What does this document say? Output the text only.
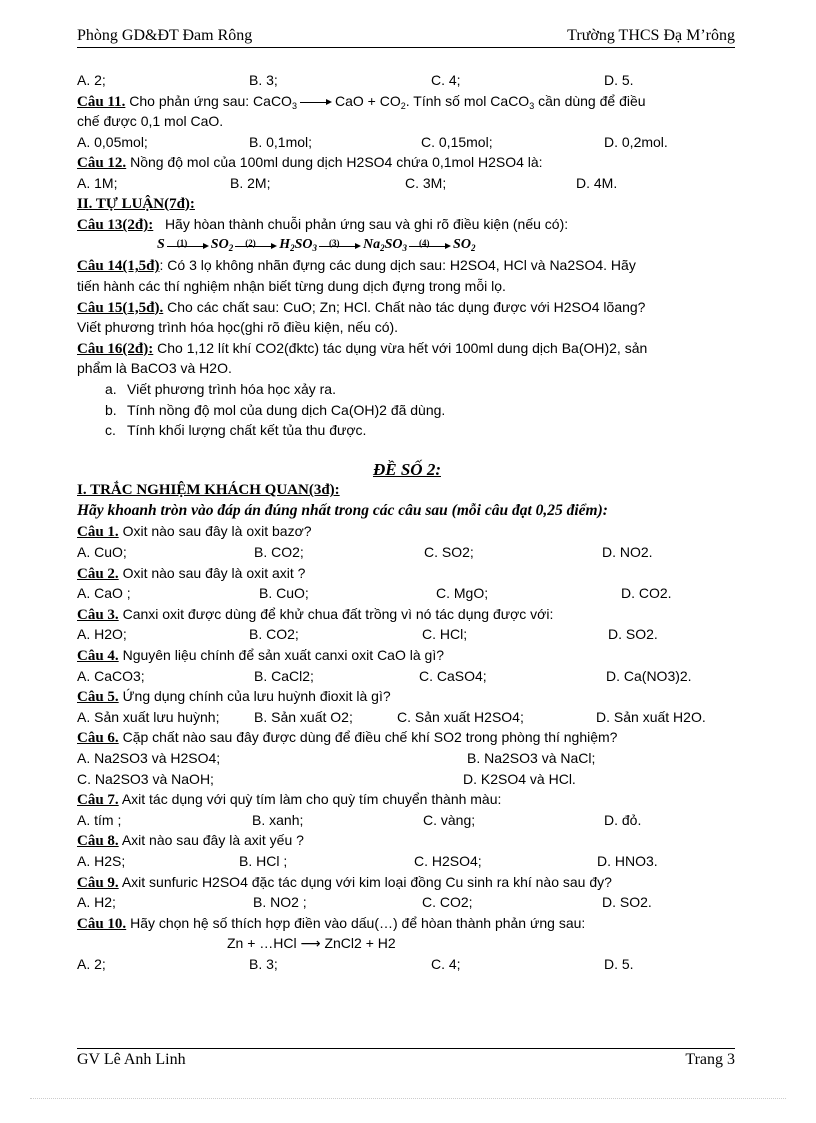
Phòng GD&ĐT Đam Rông	Trường THCS Đạ M’rông
A. 2;	B. 3;	C. 4;	D. 5.
Câu 11. Cho phản ứng sau: CaCO$_3$	CaO + $CO_2$. Tính số mol CaCO$_3$ cần dùng để điều
chế được 0,1 mol CaO.
A. 0,05mol;	B. 0,1mol;	C. 0,15mol;	D. 0,2mol.
Câu 12. Nồng độ mol của 100ml dung dịch H2SO4 chứa 0,1mol H2SO4 là:
A. 1M;	B. 2M;	C. 3M;	D. 4M.
II. TỰ LUẬN(7đ):
Câu 13(2đ): Hãy hòan thành chuỗi phản ứng sau và ghi rõ điều kiện (nếu có):
S (1) $SO_2$
(2) $H_2SO_3$
(3) $Na_2SO_3$
(4) $SO_2$
Câu 14(1,5đ): Có 3 lọ không nhãn đựng các dung dịch sau: H2SO4, HCl và Na2SO4. Hãy
tiến hành các thí nghiệm nhận biết từng dung dịch đựng trong mỗi lọ.
Câu 15(1,5đ). Cho các chất sau: CuO; Zn; HCl. Chất nào tác dụng được với H2SO4 lõang?
Viết phương trình hóa học(ghi rõ điều kiện, nếu có).
Câu 16(2đ): Cho 1,12 lít khí CO2(đktc) tác dụng vừa hết với 100ml dung dịch Ba(OH)2, sản
phẩm là BaCO3 và H2O.
a. Viết phương trình hóa học xảy ra.
b. Tính nồng độ mol của dung dịch Ca(OH)2 đã dùng.
c. Tính khối lượng chất kết tủa thu được.
ĐỀ SỐ 2:
I. TRẮC NGHIỆM KHÁCH QUAN(3đ):
Hãy khoanh tròn vào đáp án đúng nhất trong các câu sau (mỗi câu đạt 0,25 điểm):
Câu 1. Oxit nào sau đây là oxit bazơ?
A. CuO;	B. CO2;	C. SO2;	D. NO2.
Câu 2. Oxit nào sau đây là oxit axit ?
A. CaO ;	B. CuO;	C. MgO;	D. CO2.
Câu 3. Canxi oxit được dùng để khử chua đất trồng vì nó tác dụng được với:
A. H2O;	B. CO2;	C. HCl;	D. SO2.
Câu 4. Nguyên liệu chính để sản xuất canxi oxit CaO là gì?
A. CaCO3;	B. CaCl2;	C. CaSO4;	D. Ca(NO3)2.
Câu 5. Ứng dụng chính của lưu huỳnh đioxit là gì?
A. Sản xuất lưu huỳnh; B. Sản xuất O2;	C. Sản xuất H2SO4;	D. Sản xuất H2O.
Câu 6. Cặp chất nào sau đây được dùng để điều chế khí SO2 trong phòng thí nghiệm?
A. Na2SO3 và H2SO4;	B. Na2SO3 và NaCl;
C. Na2SO3 và NaOH;	D. K2SO4 và HCl.
Câu 7. Axit tác dụng với quỳ tím làm cho quỳ tím chuyển thành màu:
A. tím ;	B. xanh;	C. vàng;	D. đỏ.
Câu 8. Axit nào sau đây là axit yếu ?
A. H2S;	B. HCl ;	C. H2SO4;	D. HNO3.
Câu 9. Axit sunfuric H2SO4 đặc tác dụng với kim loại đồng Cu sinh ra khí nào sau đy?
A. H2;	B. NO2 ;	C. CO2;	D. SO2.
Câu 10. Hãy chọn hệ số thích hợp điền vào dấu(…) để hòan thành phản ứng sau:
Zn + …HCl ⟶ ZnCl2 + H2
A. 2;	B. 3;	C. 4;	D. 5.
GV Lê Anh Linh	Trang 3
